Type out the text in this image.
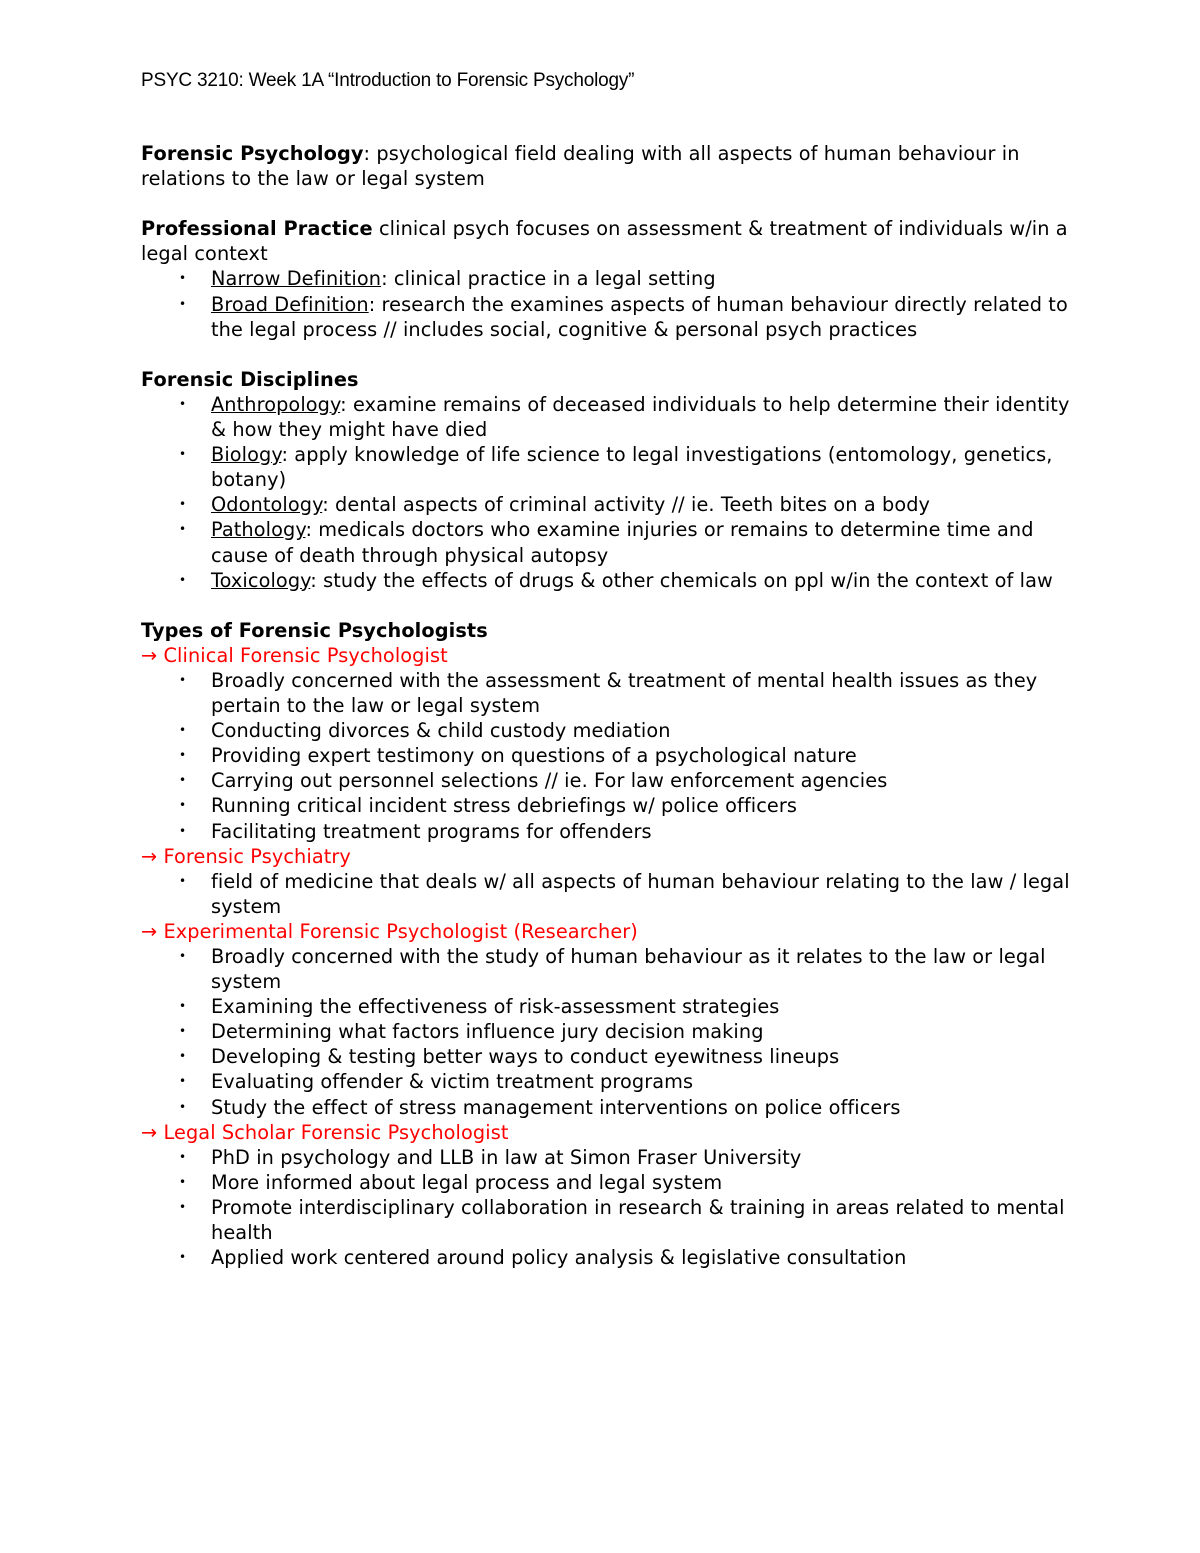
PSYC 3210: Week 1A “Introduction to Forensic Psychology”

Forensic Psychology: psychological field dealing with all aspects of human behaviour in relations to the law or legal system

Professional Practice clinical psych focuses on assessment & treatment of individuals w/in a legal context

• Narrow Definition: clinical practice in a legal setting
• Broad Definition: research the examines aspects of human behaviour directly related to the legal process // includes social, cognitive & personal psych practices

Forensic Disciplines

• Anthropology: examine remains of deceased individuals to help determine their identity & how they might have died
• Biology: apply knowledge of life science to legal investigations (entomology, genetics, botany)
• Odontology: dental aspects of criminal activity // ie. Teeth bites on a body
• Pathology: medicals doctors who examine injuries or remains to determine time and cause of death through physical autopsy
• Toxicology: study the effects of drugs & other chemicals on ppl w/in the context of law

Types of Forensic Psychologists

→ Clinical Forensic Psychologist

• Broadly concerned with the assessment & treatment of mental health issues as they pertain to the law or legal system
• Conducting divorces & child custody mediation
• Providing expert testimony on questions of a psychological nature
• Carrying out personnel selections // ie. For law enforcement agencies
• Running critical incident stress debriefings w/ police officers
• Facilitating treatment programs for offenders

→ Forensic Psychiatry

• field of medicine that deals w/ all aspects of human behaviour relating to the law / legal system

→ Experimental Forensic Psychologist (Researcher)

• Broadly concerned with the study of human behaviour as it relates to the law or legal system
• Examining the effectiveness of risk-assessment strategies
• Determining what factors influence jury decision making
• Developing & testing better ways to conduct eyewitness lineups
• Evaluating offender & victim treatment programs
• Study the effect of stress management interventions on police officers

→ Legal Scholar Forensic Psychologist

• PhD in psychology and LLB in law at Simon Fraser University
• More informed about legal process and legal system
• Promote interdisciplinary collaboration in research & training in areas related to mental health
• Applied work centered around policy analysis & legislative consultation
